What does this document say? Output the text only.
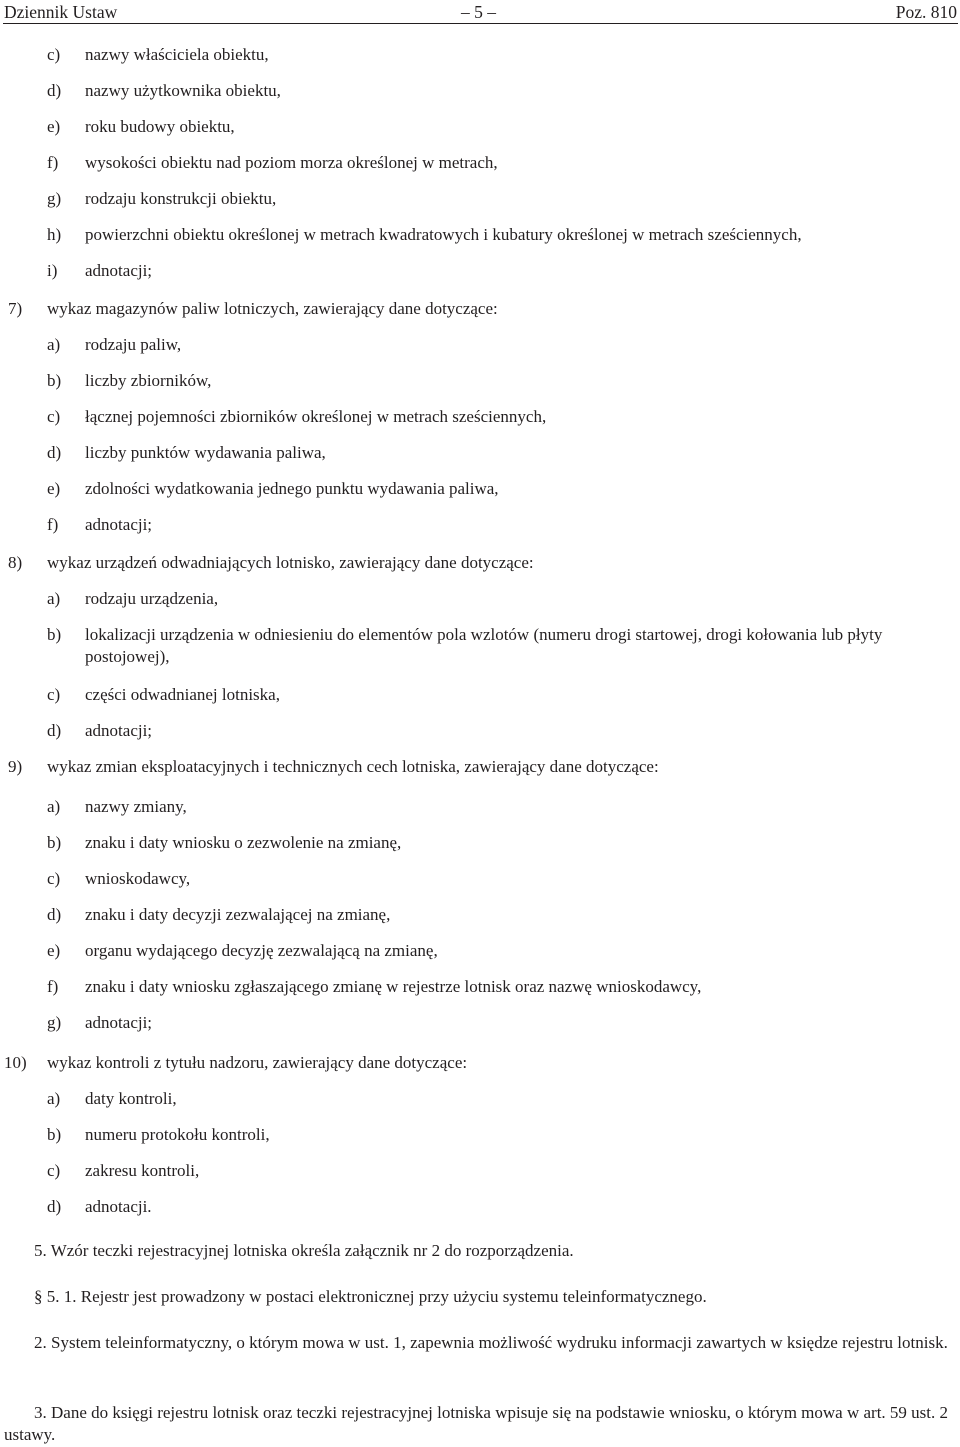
Dziennik Ustaw	– 5 –	Poz. 810
c) nazwy właściciela obiektu,
d) nazwy użytkownika obiektu,
e) roku budowy obiektu,
f) wysokości obiektu nad poziom morza określonej w metrach,
g) rodzaju konstrukcji obiektu,
h) powierzchni obiektu określonej w metrach kwadratowych i kubatury określonej w metrach sześciennych,
i) adnotacji;
7) wykaz magazynów paliw lotniczych, zawierający dane dotyczące:
a) rodzaju paliw,
b) liczby zbiorników,
c) łącznej pojemności zbiorników określonej w metrach sześciennych,
d) liczby punktów wydawania paliwa,
e) zdolności wydatkowania jednego punktu wydawania paliwa,
f) adnotacji;
8) wykaz urządzeń odwadniających lotnisko, zawierający dane dotyczące:
a) rodzaju urządzenia,
b) lokalizacji urządzenia w odniesieniu do elementów pola wzlotów (numeru drogi startowej, drogi kołowania lub płyty postojowej),
c) części odwadnianej lotniska,
d) adnotacji;
9) wykaz zmian eksploatacyjnych i technicznych cech lotniska, zawierający dane dotyczące:
a) nazwy zmiany,
b) znaku i daty wniosku o zezwolenie na zmianę,
c) wnioskodawcy,
d) znaku i daty decyzji zezwalającej na zmianę,
e) organu wydającego decyzję zezwalającą na zmianę,
f) znaku i daty wniosku zgłaszającego zmianę w rejestrze lotnisk oraz nazwę wnioskodawcy,
g) adnotacji;
10) wykaz kontroli z tytułu nadzoru, zawierający dane dotyczące:
a) daty kontroli,
b) numeru protokołu kontroli,
c) zakresu kontroli,
d) adnotacji.
5. Wzór teczki rejestracyjnej lotniska określa załącznik nr 2 do rozporządzenia.
§ 5. 1. Rejestr jest prowadzony w postaci elektronicznej przy użyciu systemu teleinformatycznego.
2. System teleinformatyczny, o którym mowa w ust. 1, zapewnia możliwość wydruku informacji zawartych w księdze rejestru lotnisk.
3. Dane do księgi rejestru lotnisk oraz teczki rejestracyjnej lotniska wpisuje się na podstawie wniosku, o którym mowa w art. 59 ust. 2 ustawy.
